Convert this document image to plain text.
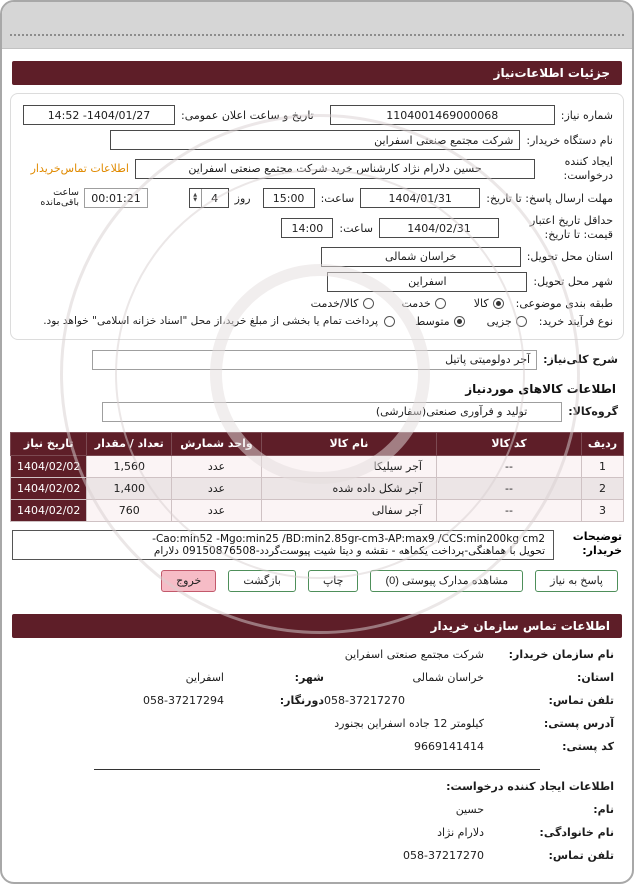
جزئیات اطلاعات‌نیاز
شماره نیاز:
1104001469000068
تاریخ و ساعت اعلان عمومی:
14:52 -1404/01/27
نام دستگاه خریدار:
شرکت مجتمع صنعتی اسفراین
ایجاد کننده درخواست:
حسین دلارام نژاد کارشناس خرید شرکت مجتمع صنعتی اسفراین
اطلاعات تماس‌خریدار
مهلت ارسال پاسخ: تا تاریخ:
1404/01/31
ساعت:
15:00
روز
4
▲
▼
00:01:21
ساعت باقی‌مانده
حداقل تاریخ اعتبار قیمت: تا تاریخ:
1404/02/31
ساعت:
14:00
استان محل تحویل:
خراسان شمالی
شهر محل تحویل:
اسفراین
طبقه بندی موضوعی:
کالا
خدمت
کالا/خدمت
نوع فرآیند خرید:
جزیی
متوسط
پرداخت تمام یا بخشی از مبلغ خرید،از محل "اسناد خزانه اسلامی" خواهد بود.
شرح کلی‌نیاز:
آجر دولومیتی پاتیل
اطلاعات کالاهای موردنیاز
گروه‌کالا:
تولید و فرآوری صنعتی(سفارشی)
ردیف	کد کالا	نام کالا	واحد شمارش	تعداد / مقدار	تاریخ نیاز
1	--	آجر سیلیکا	عدد	1,560	1404/02/02
2	--	آجر شکل داده شده	عدد	1,400	1404/02/02
3	--	آجر سفالی	عدد	760	1404/02/02
توضیحات
خریدار:
-Cao:min52 -Mgo:min25 /BD:min2.85gr-cm3-AP:max9 /CCS:min200kg cm2
تحویل با هماهنگی-پرداخت یکماهه - نقشه و دیتا شیت پیوست‌گردد-09150876508 دلارام
پاسخ به نیاز
مشاهده مدارک پیوستی (0)
چاپ
بازگشت
خروج
اطلاعات تماس سازمان خریدار
نام سازمان خریدار:
شرکت مجتمع صنعتی اسفراین
استان:
خراسان شمالی
شهر:
اسفراین
تلفن تماس:
058-37217270
دورنگار:
058-37217294
آدرس پستی:
کیلومتر 12 جاده اسفراین بجنورد
کد پستی:
9669141414
اطلاعات ایجاد کننده درخواست:
نام:
حسین
نام خانوادگی:
دلارام نژاد
تلفن تماس:
058-37217270
